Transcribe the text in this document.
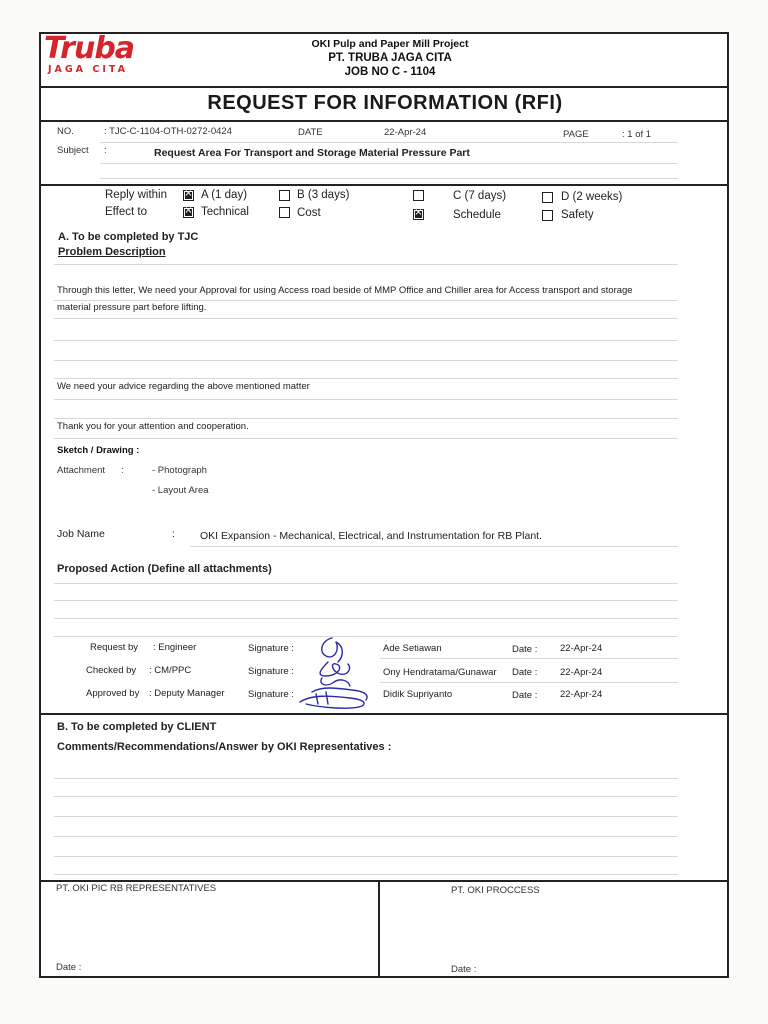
Truba
JAGA CITA
OKI Pulp and Paper Mill Project
PT. TRUBA JAGA CITA
JOB NO C - 1104
REQUEST FOR INFORMATION (RFI)
NO.	: TJC-C-1104-OTH-0272-0424	DATE	22-Apr-24	PAGE	: 1 of 1
Subject :	Request Area For Transport and Storage Material Pressure Part
Reply within
Effect to
×
A (1 day)	B (3 days)	C (7 days)	D (2 weeks)
×
Technical	Cost
×	Schedule	Safety
A. To be completed by TJC
Problem Description
Through this letter, We need your Approval for using Access road beside of MMP Office and Chiller area for Access transport and storage
material pressure part before lifting.
We need your advice regarding the above mentioned matter
Thank you for your attention and cooperation.
Sketch / Drawing :
Attachment :	- Photograph
- Layout Area
Job Name	: OKI Expansion - Mechanical, Electrical, and Instrumentation for RB Plant.
Proposed Action (Define all attachments)
Request by : Engineer	Signature :	Ade Setiawan	Date : 22-Apr-24
Checked by : CM/PPC	Signature :	Ony Hendratama/Gunawar Date : 22-Apr-24
Approved by : Deputy Manager Signature :	Didik Supriyanto	Date : 22-Apr-24
B. To be completed by CLIENT
Comments/Recommendations/Answer by OKI Representatives :
PT. OKI PIC RB REPRESENTATIVES	PT. OKI PROCCESS
Date :	Date :
